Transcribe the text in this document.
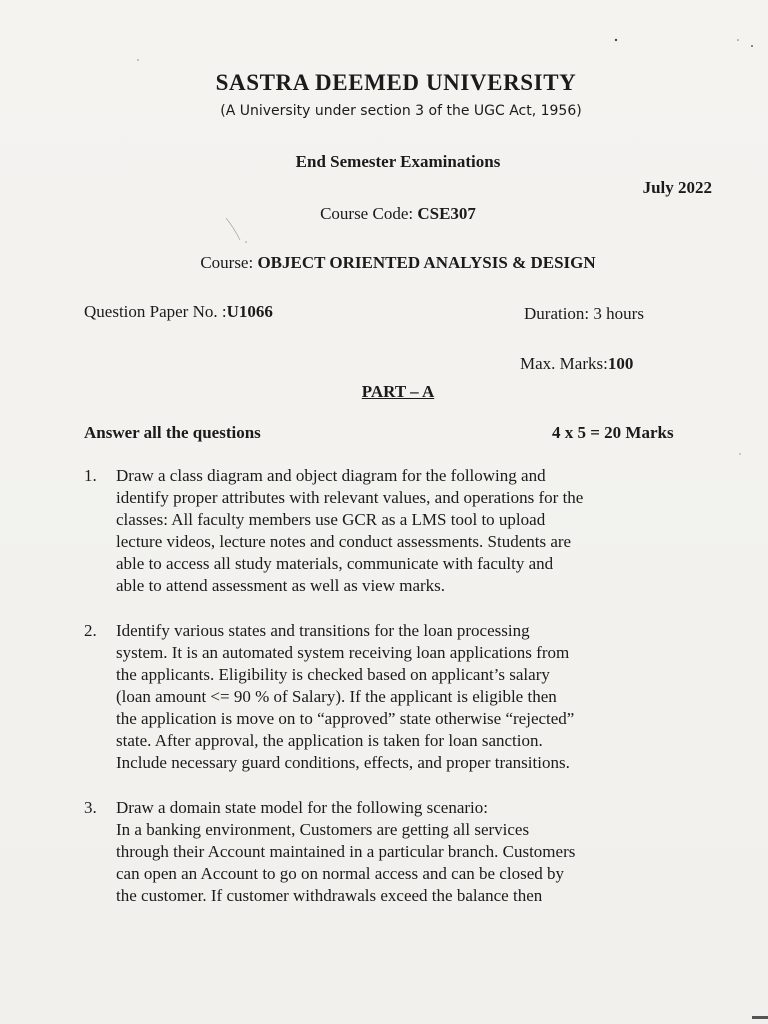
SASTRA DEEMED UNIVERSITY
(A University under section 3 of the UGC Act, 1956)
End Semester Examinations
July 2022
Course Code: CSE307
Course: OBJECT ORIENTED ANALYSIS & DESIGN
Question Paper No. :U1066	Duration: 3 hours
Max. Marks:100
PART – A
Answer all the questions	4 x 5 = 20 Marks
1. Draw a class diagram and object diagram for the following and
identify proper attributes with relevant values, and operations for the
classes: All faculty members use GCR as a LMS tool to upload
lecture videos, lecture notes and conduct assessments. Students are
able to access all study materials, communicate with faculty and
able to attend assessment as well as view marks.
2. Identify various states and transitions for the loan processing
system. It is an automated system receiving loan applications from
the applicants. Eligibility is checked based on applicant’s salary
(loan amount <= 90 % of Salary). If the applicant is eligible then
the application is move on to “approved” state otherwise “rejected”
state. After approval, the application is taken for loan sanction.
Include necessary guard conditions, effects, and proper transitions.
3. Draw a domain state model for the following scenario:
In a banking environment, Customers are getting all services
through their Account maintained in a particular branch. Customers
can open an Account to go on normal access and can be closed by
the customer. If customer withdrawals exceed the balance then
